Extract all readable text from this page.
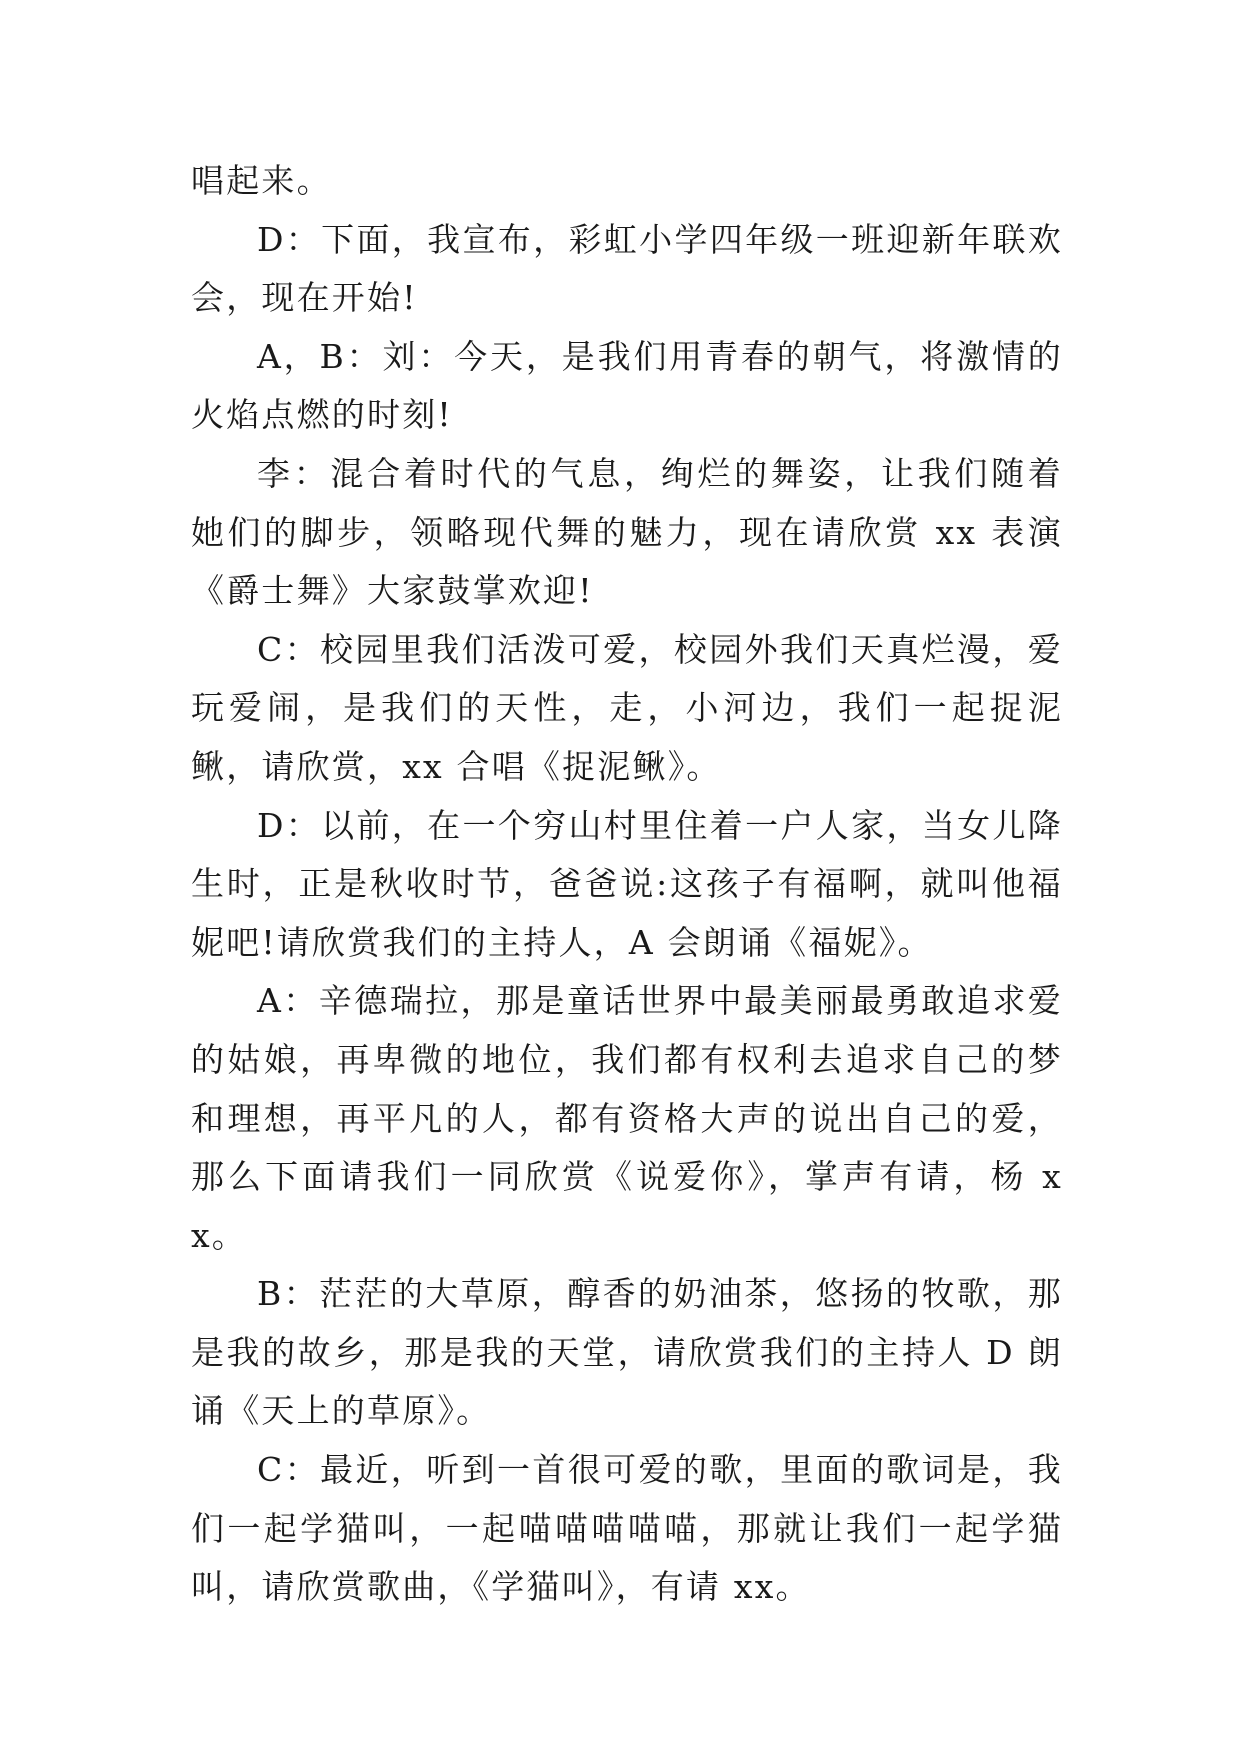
唱起来。

D：下面，我宣布，彩虹小学四年级一班迎新年联欢会，现在开始!

A，B：刘：今天，是我们用青春的朝气，将激情的火焰点燃的时刻!

李：混合着时代的气息，绚烂的舞姿，让我们随着她们的脚步，领略现代舞的魅力，现在请欣赏 xx 表演《爵士舞》大家鼓掌欢迎!

C：校园里我们活泼可爱，校园外我们天真烂漫，爱玩爱闹，是我们的天性，走，小河边，我们一起捉泥鳅，请欣赏，xx 合唱《捉泥鳅》。

D：以前，在一个穷山村里住着一户人家，当女儿降生时，正是秋收时节，爸爸说:这孩子有福啊，就叫他福妮吧!请欣赏我们的主持人，A 会朗诵《福妮》。

A：辛德瑞拉，那是童话世界中最美丽最勇敢追求爱的姑娘，再卑微的地位，我们都有权利去追求自己的梦和理想，再平凡的人，都有资格大声的说出自己的爱，那么下面请我们一同欣赏《说爱你》，掌声有请，杨 xx。

B：茫茫的大草原，醇香的奶油茶，悠扬的牧歌，那是我的故乡，那是我的天堂，请欣赏我们的主持人 D 朗诵《天上的草原》。

C：最近，听到一首很可爱的歌，里面的歌词是，我们一起学猫叫，一起喵喵喵喵喵，那就让我们一起学猫叫，请欣赏歌曲，《学猫叫》，有请 xx。
